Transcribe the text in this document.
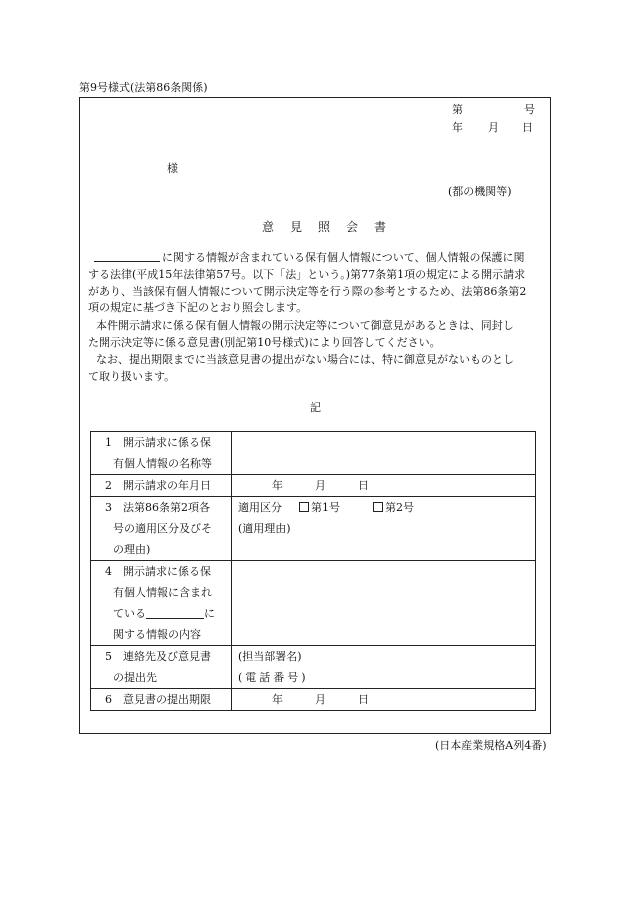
第9号様式(法第86条関係)
第	号
年 月 日
様
(都の機関等)
意見照会書
に関する情報が含まれている保有個人情報について、個人情報の保護に関
する法律(平成15年法律第57号。以下「法」という。)第77条第1項の規定による開示請求
があり、当該保有個人情報について開示決定等を行う際の参考とするため、法第86条第2
項の規定に基づき下記のとおり照会します。
本件開示請求に係る保有個人情報の開示決定等について御意見があるときは、同封し
た開示決定等に係る意見書(別記第10号様式)により回答してください。
なお、提出期限までに当該意見書の提出がない場合には、特に御意見がないものとし
て取り扱います。
記
1　開示請求に係る保
有個人情報の名称等	

2　開示請求の年月日	年 月 日

3　法第86条第2項各
号の適用区分及びそ
の理由)	適用区分 第1号 第2号
(適用理由)

4　開示請求に係る保
有個人情報に含まれ
ている に
関する情報の内容	

5　連絡先及び意見書
の提出先	(担当部署名)
(電話番号)

6　意見書の提出期限	年 月 日
(日本産業規格A列4番)
